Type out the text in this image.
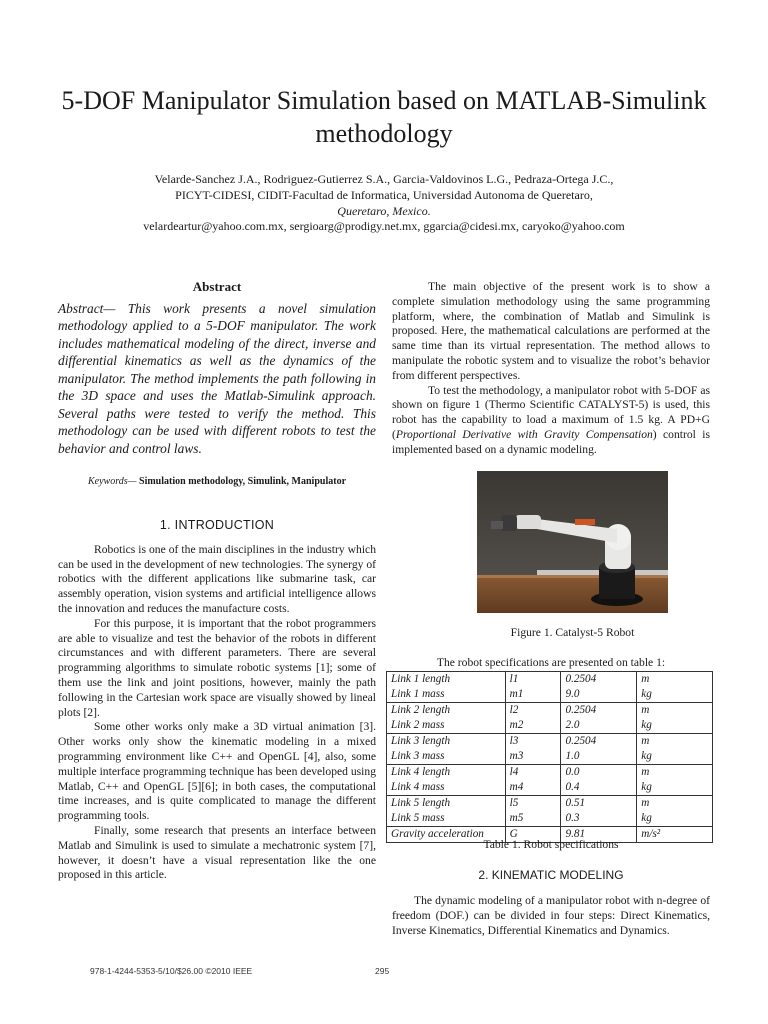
5-DOF Manipulator Simulation based on MATLAB-Simulink methodology
Velarde-Sanchez J.A., Rodriguez-Gutierrez S.A., Garcia-Valdovinos L.G., Pedraza-Ortega J.C.,
PICYT-CIDESI, CIDIT-Facultad de Informatica, Universidad Autonoma de Queretaro,
Queretaro, Mexico.
velardeartur@yahoo.com.mx, sergioarg@prodigy.net.mx, ggarcia@cidesi.mx, caryoko@yahoo.com
Abstract

Abstract— This work presents a novel simulation methodology applied to a 5-DOF manipulator. The work includes mathematical modeling of the direct, inverse and differential kinematics as well as the dynamics of the manipulator. The method implements the path following in the 3D space and uses the Matlab-Simulink approach. Several paths were tested to verify the method. This methodology can be used with different robots to test the behavior and control laws.

Keywords— Simulation methodology, Simulink, Manipulator

1. INTRODUCTION

Robotics is one of the main disciplines in the industry which can be used in the development of new technologies. The synergy of robotics with the different applications like submarine task, car assembly operation, vision systems and artificial intelligence allows the innovation and reduces the manufacture costs.

For this purpose, it is important that the robot programmers are able to visualize and test the behavior of the robots in different circumstances and with different parameters. There are several programming algorithms to simulate robotic systems [1]; some of them use the link and joint positions, however, mainly the path following in the Cartesian work space are visually showed by lineal plots [2].

Some other works only make a 3D virtual animation [3]. Other works only show the kinematic modeling in a mixed programming environment like C++ and OpenGL [4], also, some multiple interface programming technique has been developed using Matlab, C++ and OpenGL [5][6]; in both cases, the computational time increases, and is quite complicated to manage the different programming tools.

Finally, some research that presents an interface between Matlab and Simulink is used to simulate a mechatronic system [7], however, it doesn’t have a visual representation like the one proposed in this article.

The main objective of the present work is to show a complete simulation methodology using the same programming platform, where, the combination of Matlab and Simulink is proposed. Here, the mathematical calculations are performed at the same time than its virtual representation. The method allows to manipulate the robotic system and to visualize the robot’s behavior from different perspectives.

To test the methodology, a manipulator robot with 5-DOF as shown on figure 1 (Thermo Scientific CATALYST-5) is used, this robot has the capability to load a maximum of 1.5 kg. A PD+G (Proportional Derivative with Gravity Compensation) control is implemented based on a dynamic modeling.

Figure 1. Catalyst-5 Robot
The robot specifications are presented on table 1:
Link 1 length	l1	0.2504	m
Link 1 mass	m1	9.0	kg
Link 2 length	l2	0.2504	m
Link 2 mass	m2	2.0	kg
Link 3 length	l3	0.2504	m
Link 3 mass	m3	1.0	kg
Link 4 length	l4	0.0	m
Link 4 mass	m4	0.4	kg
Link 5 length	l5	0.51	m
Link 5 mass	m5	0.3	kg
Gravity acceleration	G	9.81	m/s²
Table 1. Robot specifications
2. KINEMATIC MODELING

The dynamic modeling of a manipulator robot with n-degree of freedom (DOF.) can be divided in four steps: Direct Kinematics, Inverse Kinematics, Differential Kinematics and Dynamics.

978-1-4244-5353-5/10/$26.00 ©2010 IEEE	295
